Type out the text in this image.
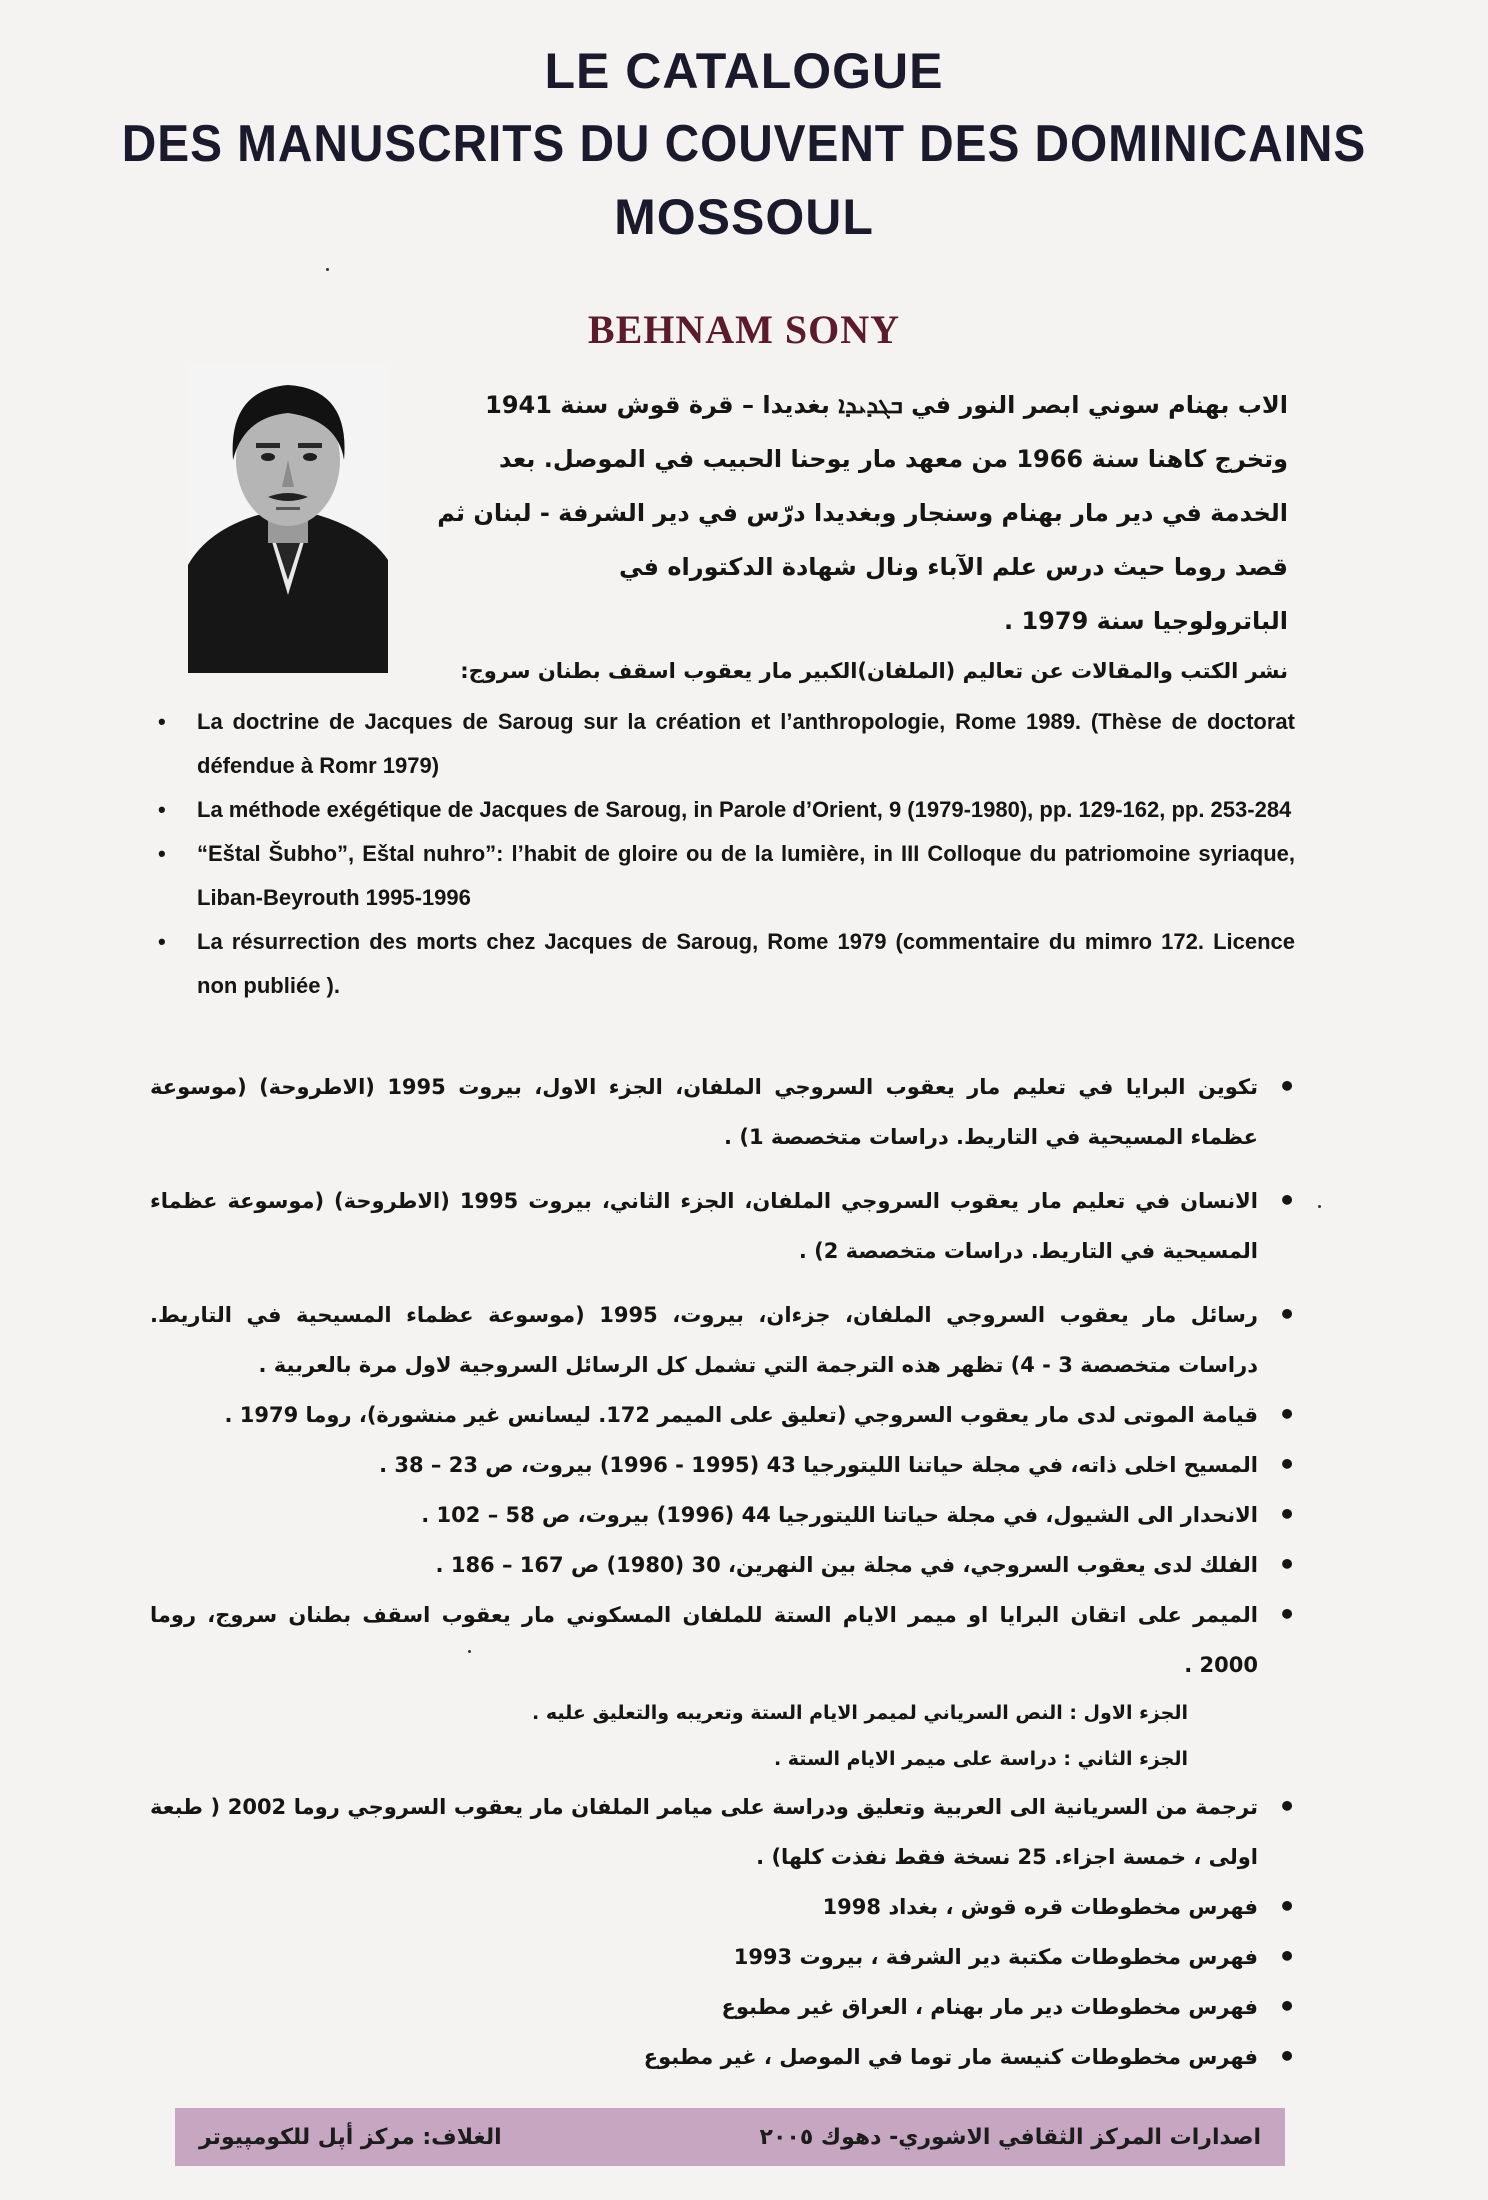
LE CATALOGUE
DES MANUSCRITS DU COUVENT DES DOMINICAINS
MOSSOUL
BEHNAM SONY
الاب بهنام سوني ابصر النور في ܒܓܕܝܕܐ بغديدا – قرة قوش سنة 1941
وتخرج كاهنا سنة 1966 من معهد مار يوحنا الحبيب في الموصل. بعد
الخدمة في دير مار بهنام وسنجار وبغديدا درّس في دير الشرفة - لبنان ثم
قصد روما حيث درس علم الآباء ونال شهادة الدكتوراه في
الباترولوجيا سنة 1979 .
نشر الكتب والمقالات عن تعاليم (الملفان)الكبير مار يعقوب اسقف بطنان سروج:
• La doctrine de Jacques de Saroug sur la création et l’anthropologie, Rome 1989. (Thèse de doctorat défendue à Romr 1979)
• La méthode exégétique de Jacques de Saroug, in Parole d’Orient, 9 (1979-1980), pp. 129-162, pp. 253-284
• “Eštal Šubho”, Eštal nuhro”: l’habit de gloire ou de la lumière, in III Colloque du patriomoine syriaque, Liban-Beyrouth 1995-1996
• La résurrection des morts chez Jacques de Saroug, Rome 1979 (commentaire du mimro 172. Licence non publiée ).
• تكوين البرايا في تعليم مار يعقوب السروجي الملفان، الجزء الاول، بيروت 1995 (الاطروحة) (موسوعة عظماء المسيحية في التاريط. دراسات متخصصة 1) .
• الانسان في تعليم مار يعقوب السروجي الملفان، الجزء الثاني، بيروت 1995 (الاطروحة) (موسوعة عظماء المسيحية في التاريط. دراسات متخصصة 2) .
• رسائل مار يعقوب السروجي الملفان، جزءان، بيروت، 1995 (موسوعة عظماء المسيحية في التاريط. دراسات متخصصة 3 - 4) تظهر هذه الترجمة التي تشمل كل الرسائل السروجية لاول مرة بالعربية .
• قيامة الموتى لدى مار يعقوب السروجي (تعليق على الميمر 172. ليسانس غير منشورة)، روما 1979 .
• المسيح اخلى ذاته، في مجلة حياتنا الليتورجيا 43 (1995 - 1996) بيروت، ص 23 – 38 .
• الانحدار الى الشيول، في مجلة حياتنا الليتورجيا 44 (1996) بيروت، ص 58 – 102 .
• الفلك لدى يعقوب السروجي، في مجلة بين النهرين، 30 (1980) ص 167 – 186 .
• الميمر على اتقان البرايا او ميمر الايام الستة للملفان المسكوني مار يعقوب اسقف بطنان سروج، روما 2000 .
الجزء الاول : النص السرياني لميمر الايام الستة وتعريبه والتعليق عليه .
الجزء الثاني : دراسة على ميمر الايام الستة .
• ترجمة من السريانية الى العربية وتعليق ودراسة على ميامر الملفان مار يعقوب السروجي روما 2002 ( طبعة اولى ، خمسة اجزاء. 25 نسخة فقط نفذت كلها) .
• فهرس مخطوطات قره قوش ، بغداد 1998
• فهرس مخطوطات مكتبة دير الشرفة ، بيروت 1993
• فهرس مخطوطات دير مار بهنام ، العراق غير مطبوع
• فهرس مخطوطات كنيسة مار توما في الموصل ، غير مطبوع
اصدارات المركز الثقافي الاشوري- دهوك ٢٠٠٥
الغلاف: مركز أپل للكومپيوتر
